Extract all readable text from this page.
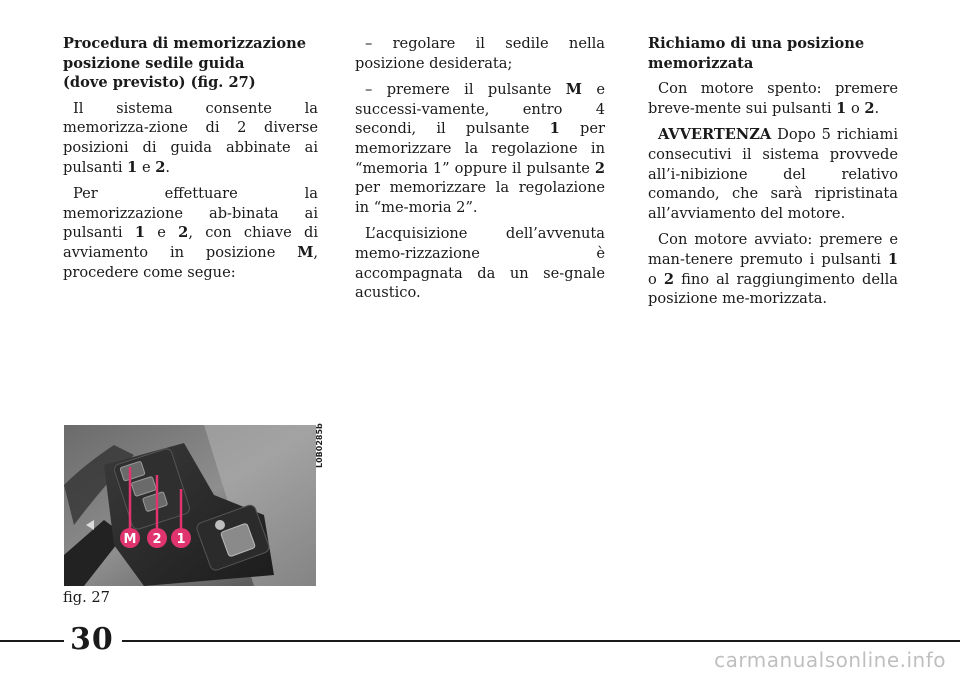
Procedura di memorizzazione
posizione sedile guida
(dove previsto) (fig. 27)

Il sistema consente la memorizza-zione di 2 diverse posizioni di guida abbinate ai pulsanti 1 e 2.

Per effettuare la memorizzazione ab-binata ai pulsanti 1 e 2, con chiave di avviamento in posizione M, procedere come segue:

– regolare il sedile nella posizione desiderata;

– premere il pulsante M e successi-vamente, entro 4 secondi, il pulsante 1 per memorizzare la regolazione in “memoria 1” oppure il pulsante 2 per memorizzare la regolazione in “me-moria 2”.

L’acquisizione dell’avvenuta memo-rizzazione è accompagnata da un se-gnale acustico.

Richiamo di una posizione
memorizzata

Con motore spento: premere breve-mente sui pulsanti 1 o 2.

AVVERTENZA Dopo 5 richiami consecutivi il sistema provvede all’i-nibizione del relativo comando, che sarà ripristinata all’avviamento del motore.

Con motore avviato: premere e man-tenere premuto i pulsanti 1 o 2 fino al raggiungimento della posizione me-morizzata.

M 2 1
L0B0285b
fig. 27
30
carmanualsonline.info
